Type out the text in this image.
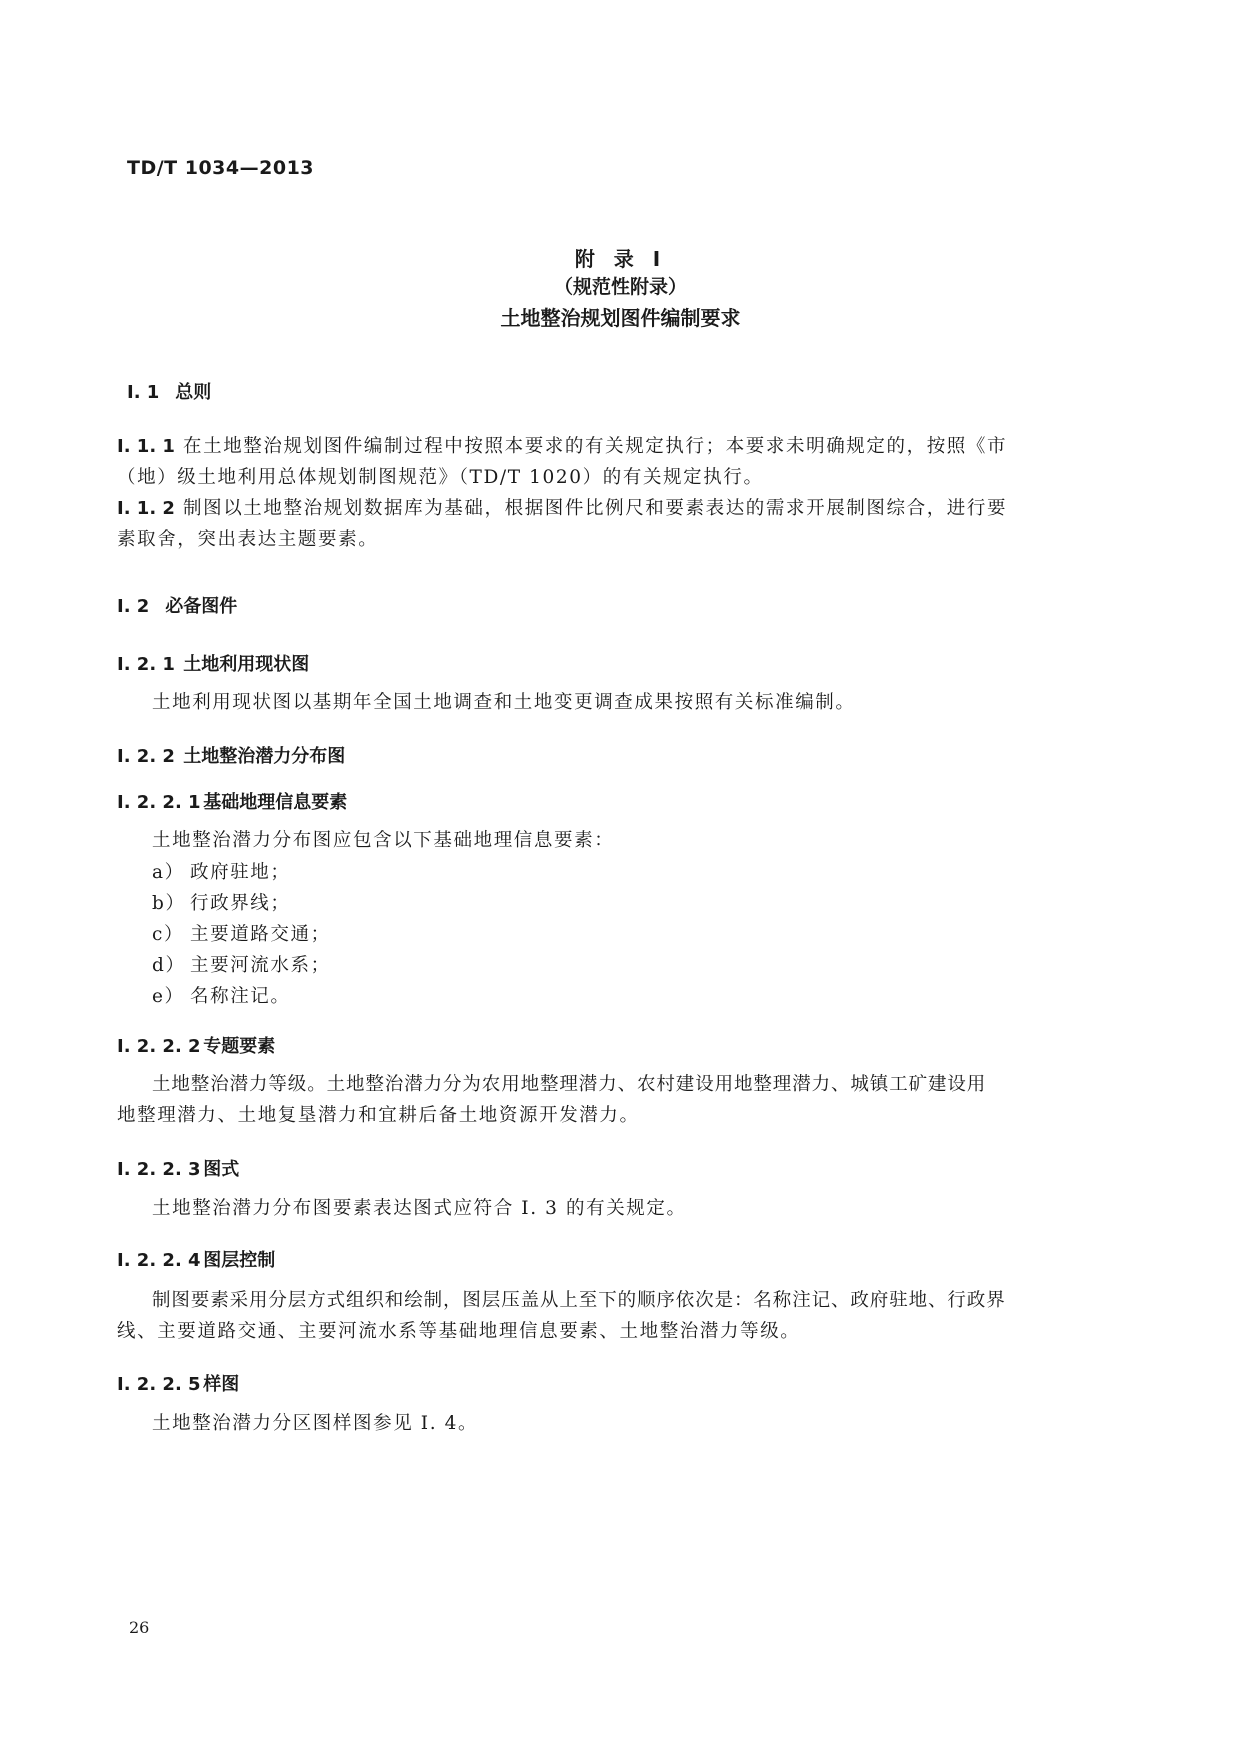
TD/T 1034—2013
附 录 I
（规范性附录）
土地整治规划图件编制要求
I. 1 总则
I. 1. 1 在土地整治规划图件编制过程中按照本要求的有关规定执行；本要求未明确规定的，按照《市
（地）级土地利用总体规划制图规范》（TD/T 1020）的有关规定执行。
I. 1. 2 制图以土地整治规划数据库为基础，根据图件比例尺和要素表达的需求开展制图综合，进行要
素取舍，突出表达主题要素。
I. 2 必备图件
I. 2. 1 土地利用现状图
土地利用现状图以基期年全国土地调查和土地变更调查成果按照有关标准编制。
I. 2. 2 土地整治潜力分布图
I. 2. 2. 1 基础地理信息要素
土地整治潜力分布图应包含以下基础地理信息要素：
a） 政府驻地；
b） 行政界线；
c） 主要道路交通；
d） 主要河流水系；
e） 名称注记。
I. 2. 2. 2 专题要素
土地整治潜力等级。土地整治潜力分为农用地整理潜力、农村建设用地整理潜力、城镇工矿建设用
地整理潜力、土地复垦潜力和宜耕后备土地资源开发潜力。
I. 2. 2. 3 图式
土地整治潜力分布图要素表达图式应符合 I. 3 的有关规定。
I. 2. 2. 4 图层控制
制图要素采用分层方式组织和绘制，图层压盖从上至下的顺序依次是：名称注记、政府驻地、行政界
线、主要道路交通、主要河流水系等基础地理信息要素、土地整治潜力等级。
I. 2. 2. 5 样图
土地整治潜力分区图样图参见 I. 4。
26
